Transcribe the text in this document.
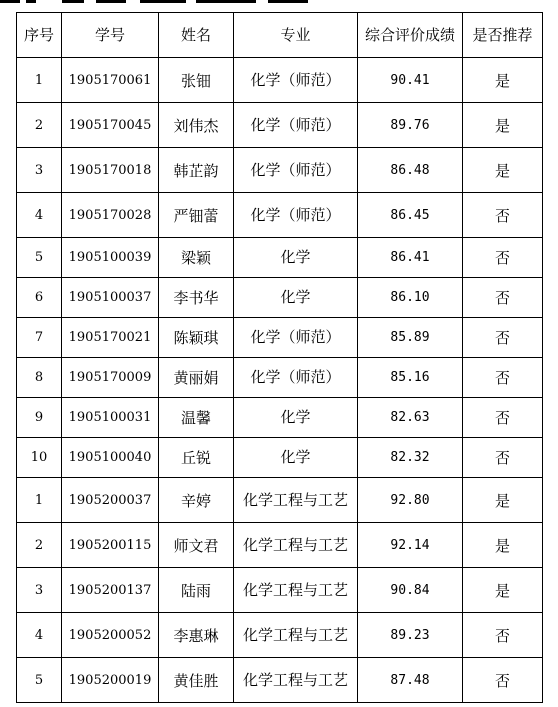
序号	学号	姓名	专业	综合评价成绩	是否推荐
1	1905170061	张钿	化学（师范）	90.41	是
2	1905170045	刘伟杰	化学（师范）	89.76	是
3	1905170018	韩芷韵	化学（师范）	86.48	是
4	1905170028	严钿蕾	化学（师范）	86.45	否
5	1905100039	梁颖	化学	86.41	否
6	1905100037	李书华	化学	86.10	否
7	1905170021	陈颖琪	化学（师范）	85.89	否
8	1905170009	黄丽娟	化学（师范）	85.16	否
9	1905100031	温馨	化学	82.63	否
10	1905100040	丘锐	化学	82.32	否
1	1905200037	辛婷	化学工程与工艺	92.80	是
2	1905200115	师文君	化学工程与工艺	92.14	是
3	1905200137	陆雨	化学工程与工艺	90.84	是
4	1905200052	李惠琳	化学工程与工艺	89.23	否
5	1905200019	黄佳胜	化学工程与工艺	87.48	否
